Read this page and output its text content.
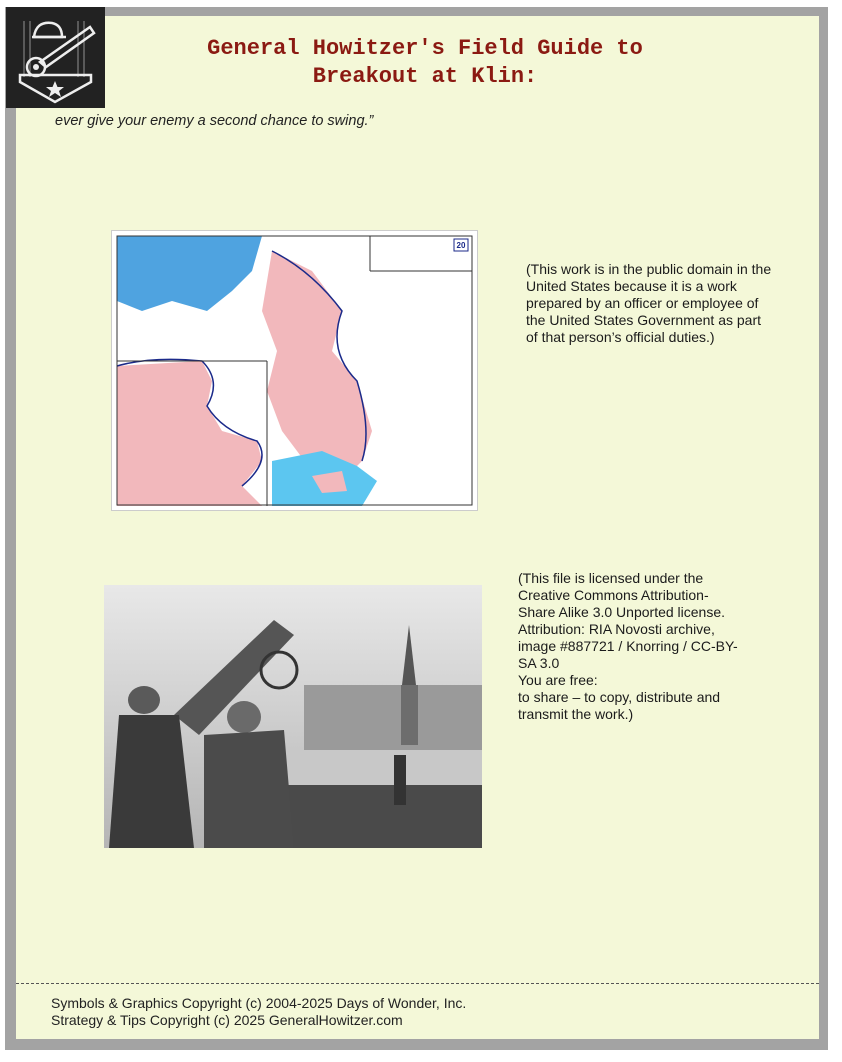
General Howitzer's Field Guide to
Breakout at Klin:
ever give your enemy a second chance to swing.”
20
(This work is in the public domain in the United States because it is a work prepared by an officer or employee of the United States Government as part of that person’s official duties.)
(This file is licensed under the
Creative Commons Attribution-
Share Alike 3.0 Unported license.
Attribution: RIA Novosti archive,
image #887721 / Knorring / CC-BY-
SA 3.0
You are free:
to share – to copy, distribute and
transmit the work.)
Symbols & Graphics Copyright (c) 2004-2025 Days of Wonder, Inc.
Strategy & Tips Copyright (c) 2025 GeneralHowitzer.com
